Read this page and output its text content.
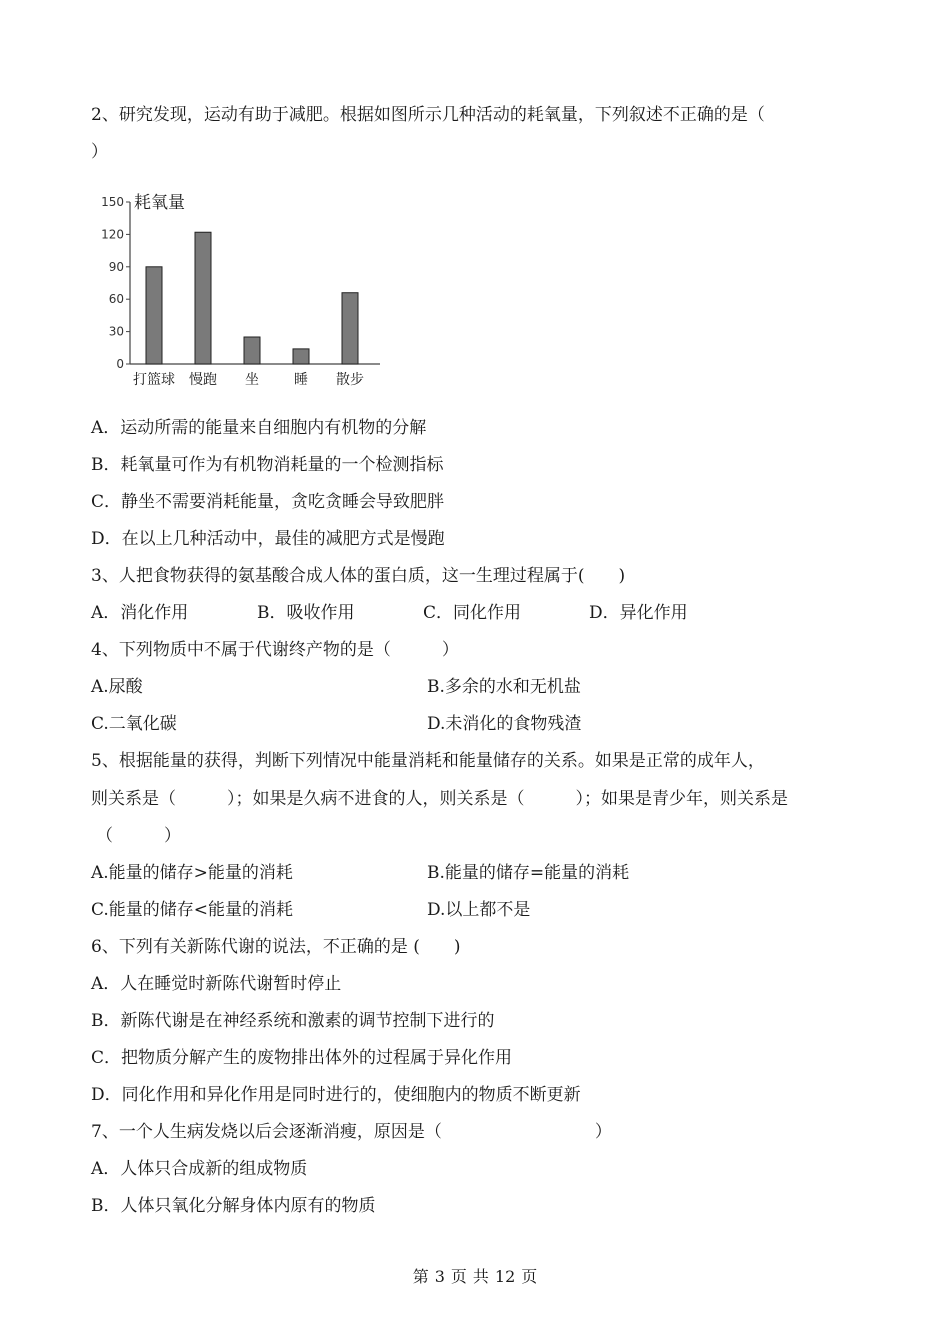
2、研究发现，运动有助于减肥。根据如图所示几种活动的耗氧量，下列叙述不正确的是（

）

耗氧量
150
120
90
60
30
0
打篮球 慢跑 坐	睡 散步

A．运动所需的能量来自细胞内有机物的分解

B．耗氧量可作为有机物消耗量的一个检测指标

C．静坐不需要消耗能量，贪吃贪睡会导致肥胖

D．在以上几种活动中，最佳的减肥方式是慢跑

3、人把食物获得的氨基酸合成人体的蛋白质，这一生理过程属于(　　)

A．消化作用	B．吸收作用	C．同化作用	D．异化作用

4、下列物质中不属于代谢终产物的是（　　　）

A.尿酸	B.多余的水和无机盐

C.二氧化碳	D.未消化的食物残渣

5、根据能量的获得，判断下列情况中能量消耗和能量储存的关系。如果是正常的成年人，

则关系是（　　　）；如果是久病不进食的人，则关系是（　　　）；如果是青少年，则关系是

（　　　）

A.能量的储存>能量的消耗	B.能量的储存=能量的消耗

C.能量的储存<能量的消耗	D.以上都不是

6、下列有关新陈代谢的说法，不正确的是 (　　)

A．人在睡觉时新陈代谢暂时停止

B．新陈代谢是在神经系统和激素的调节控制下进行的

C．把物质分解产生的废物排出体外的过程属于异化作用

D．同化作用和异化作用是同时进行的，使细胞内的物质不断更新

7、一个人生病发烧以后会逐渐消瘦，原因是（　　　　　　　　　）

A．人体只合成新的组成物质

B．人体只氧化分解身体内原有的物质

第 3 页 共 12 页
